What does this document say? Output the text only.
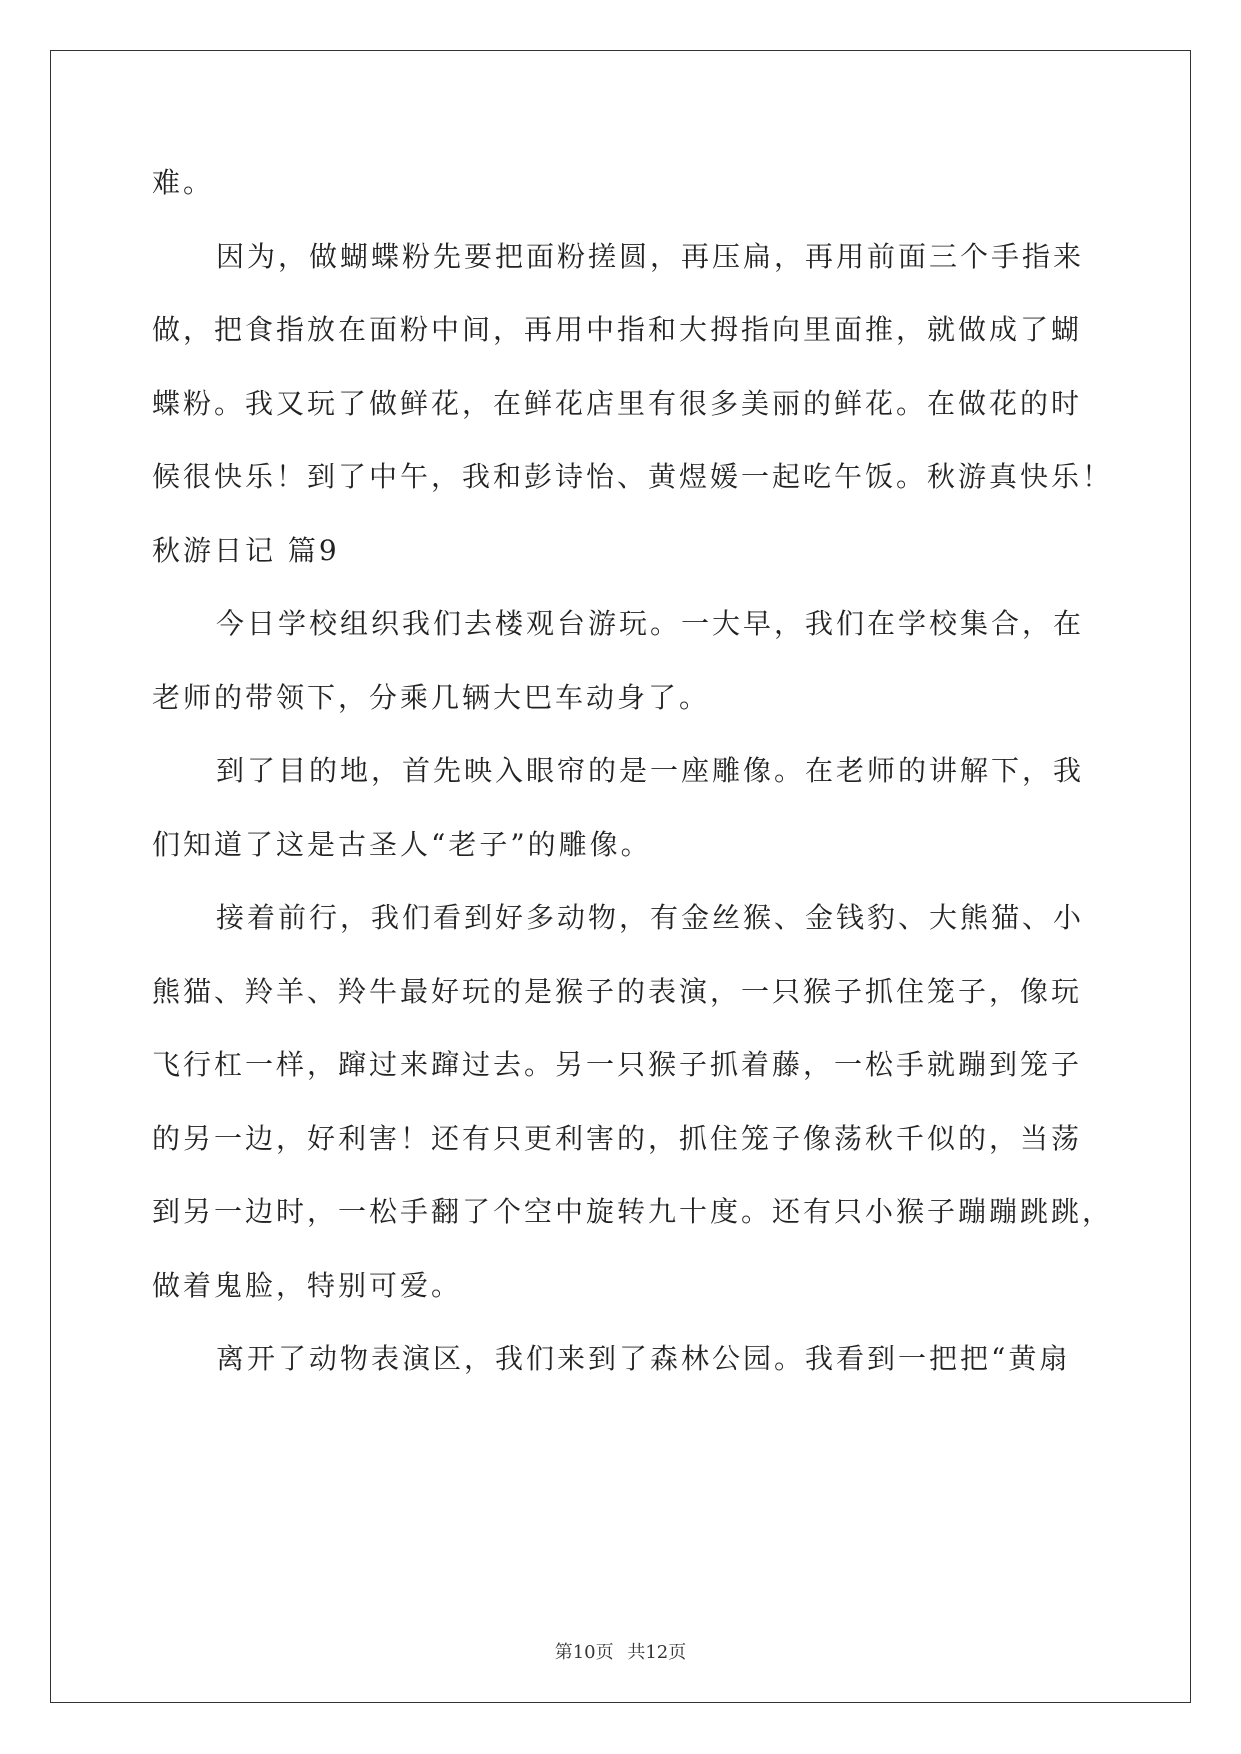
难。
因为，做蝴蝶粉先要把面粉搓圆，再压扁，再用前面三个手指来
做，把食指放在面粉中间，再用中指和大拇指向里面推，就做成了蝴
蝶粉。我又玩了做鲜花，在鲜花店里有很多美丽的鲜花。在做花的时
候很快乐！到了中午，我和彭诗怡、黄煜媛一起吃午饭。秋游真快乐！
秋游日记 篇9
今日学校组织我们去楼观台游玩。一大早，我们在学校集合，在
老师的带领下，分乘几辆大巴车动身了。
到了目的地，首先映入眼帘的是一座雕像。在老师的讲解下，我
们知道了这是古圣人“老子”的雕像。
接着前行，我们看到好多动物，有金丝猴、金钱豹、大熊猫、小
熊猫、羚羊、羚牛最好玩的是猴子的表演，一只猴子抓住笼子，像玩
飞行杠一样，蹿过来蹿过去。另一只猴子抓着藤，一松手就蹦到笼子
的另一边，好利害！还有只更利害的，抓住笼子像荡秋千似的，当荡
到另一边时，一松手翻了个空中旋转九十度。还有只小猴子蹦蹦跳跳，
做着鬼脸，特别可爱。
离开了动物表演区，我们来到了森林公园。我看到一把把“黄扇
第10页 共12页
